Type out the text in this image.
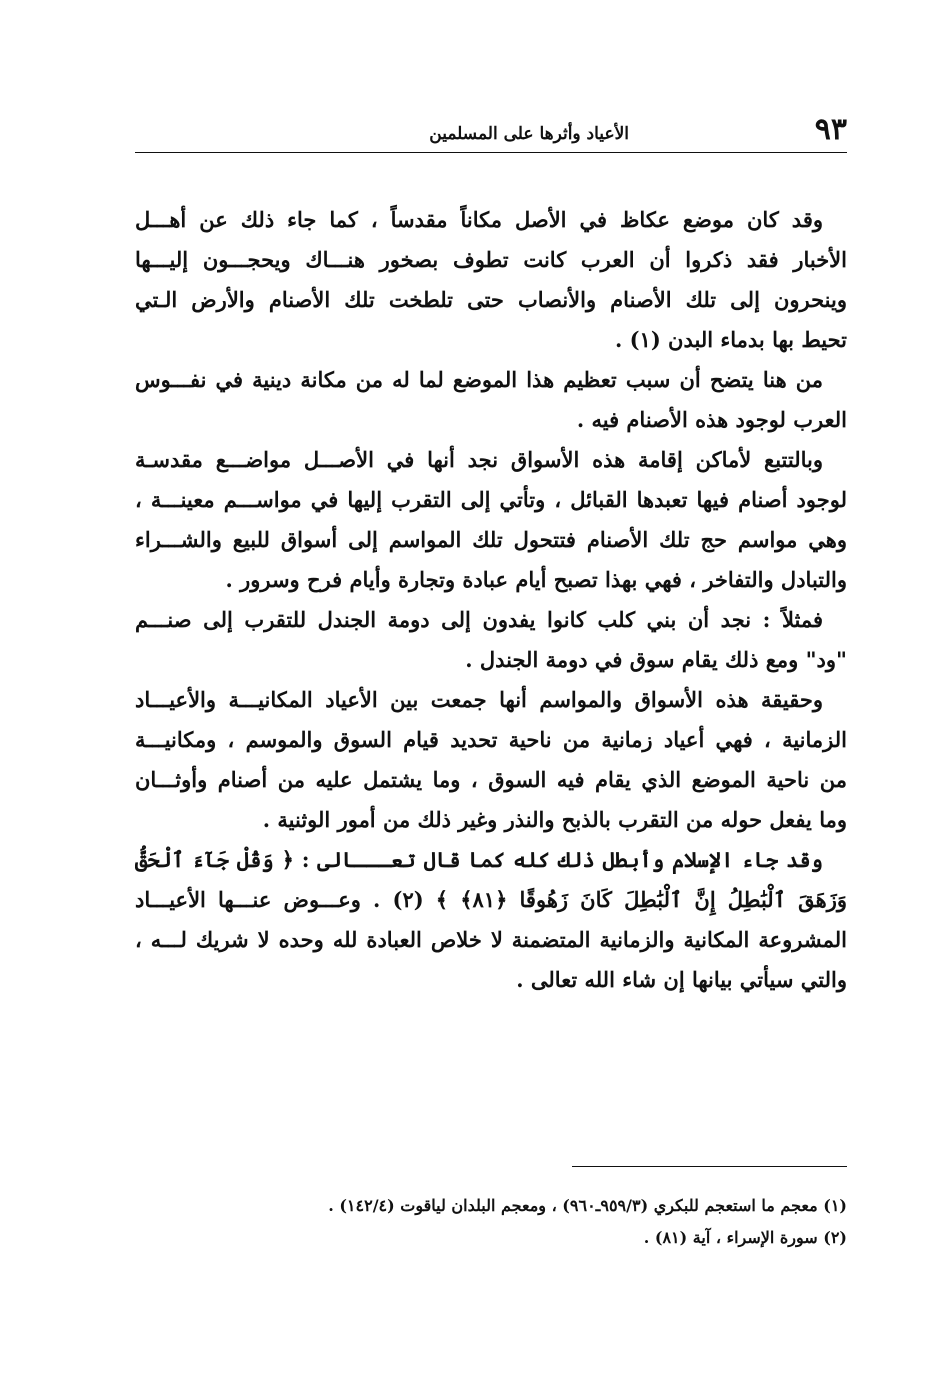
٩٣
الأعياد وأثرها على المسلمين
وقد كان موضع عكاظ في الأصل مكاناً مقدساً ، كما جاء ذلك عن أهـــل
الأخبار فقد ذكروا أن العرب كانت تطوف بصخور هنـــاك ويحجـــون إليـــها
وينحرون إلى تلك الأصنام والأنصاب حتى تلطخت تلك الأصنام والأرض الـتي
تحيط بها بدماء البدن (١) .
من هنا يتضح أن سبب تعظيم هذا الموضع لما له من مكانة دينية في نفـــوس
العرب لوجود هذه الأصنام فيه .
وبالتتبع لأماكن إقامة هذه الأسواق نجد أنها في الأصـــل مواضـــع مقدسـة
لوجود أصنام فيها تعبدها القبائل ، وتأتي إلى التقرب إليها في مواســـم معينـــة ،
وهي مواسم حج تلك الأصنام فتتحول تلك المواسم إلى أسواق للبيع والشـــراء
والتبادل والتفاخر ، فهي بهذا تصبح أيام عبادة وتجارة وأيام فرح وسرور .
فمثلاً : نجد أن بني كلب كانوا يفدون إلى دومة الجندل للتقرب إلى صنـــم
"ود" ومع ذلك يقام سوق في دومة الجندل .
وحقيقة هذه الأسواق والمواسم أنها جمعت بين الأعياد المكانيـــة والأعيـــاد
الزمانية ، فهي أعياد زمانية من ناحية تحديد قيام السوق والموسم ، ومكانيـــة
من ناحية الموضع الذي يقام فيه السوق ، وما يشتمل عليه من أصنام وأوثـــان
وما يفعل حوله من التقرب بالذبح والنذر وغير ذلك من أمور الوثنية .
وقد جاء الإسلام وأبطل ذلك كله كما قال تعـــالى : ﴿ وَقُلْ جَآءَ ٱلْحَقُّ
وَزَهَقَ ٱلْبَٰطِلُ إِنَّ ٱلْبَٰطِلَ كَانَ زَهُوقًا ﴿٨١﴾ ﴾ (٢) . وعـــوض عنـــها الأعيـــاد
المشروعة المكانية والزمانية المتضمنة لا خلاص العبادة لله وحده لا شريك لـــه ،
والتي سيأتي بيانها إن شاء الله تعالى .
(١) معجم ما استعجم للبكري (٩٥٩/٣ـ٩٦٠) ، ومعجم البلدان لياقوت (١٤٢/٤) .
(٢) سورة الإسراء ، آية (٨١) .
